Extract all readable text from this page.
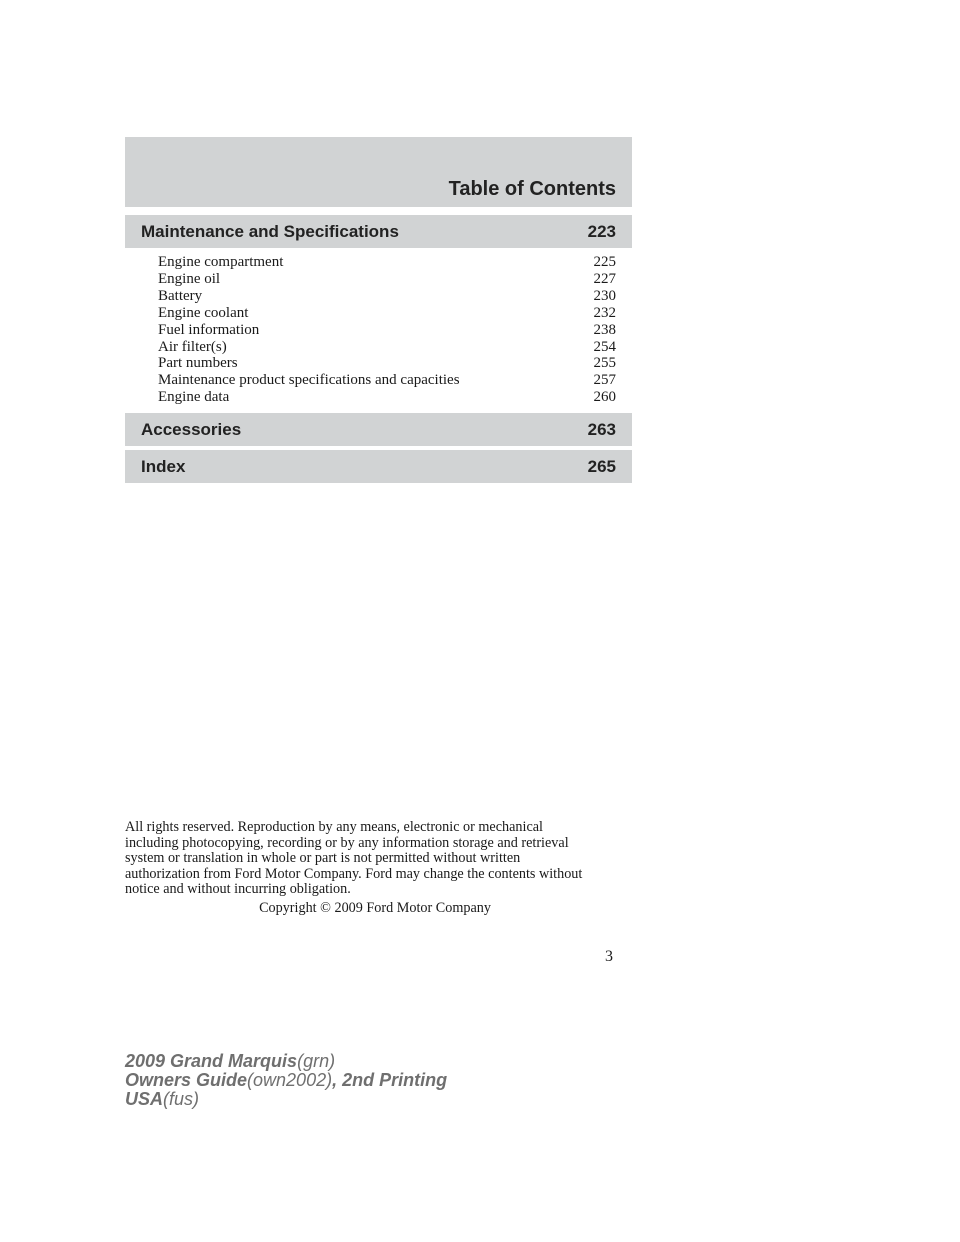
Table of Contents
Maintenance and Specifications	223
Engine compartment	225
Engine oil	227
Battery	230
Engine coolant	232
Fuel information	238
Air filter(s)	254
Part numbers	255
Maintenance product specifications and capacities	257
Engine data	260
Accessories	263
Index	265
All rights reserved. Reproduction by any means, electronic or mechanical
including photocopying, recording or by any information storage and retrieval
system or translation in whole or part is not permitted without written
authorization from Ford Motor Company. Ford may change the contents without
notice and without incurring obligation.
Copyright © 2009 Ford Motor Company
3
2009 Grand Marquis(grn)
Owners Guide(own2002), 2nd Printing
USA(fus)
